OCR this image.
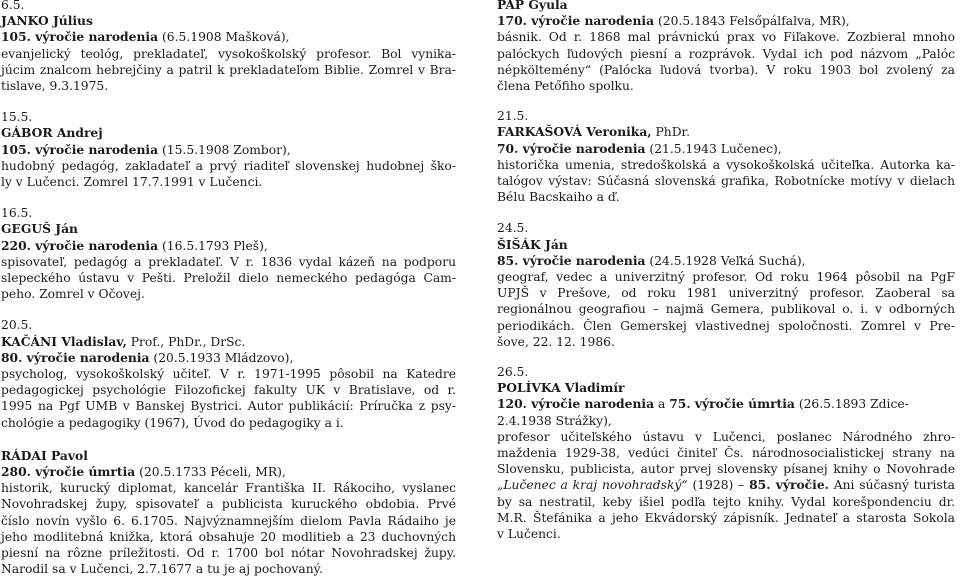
6.5.
JANKO Július
105. výročie narodenia (6.5.1908 Mašková),
evanjelický teológ, prekladateľ, vysokoškolský profesor. Bol vynika-
júcim znalcom hebrejčiny a patril k prekladateľom Biblie. Zomrel v Bra-
tislave, 9.3.1975.
15.5.
GÁBOR Andrej
105. výročie narodenia (15.5.1908 Zombor),
hudobný pedagóg, zakladateľ a prvý riaditeľ slovenskej hudobnej ško-
ly v Lučenci. Zomrel 17.7.1991 v Lučenci.
16.5.
GEGUŠ Ján
220. výročie narodenia (16.5.1793 Pleš),
spisovateľ, pedagóg a prekladateľ. V r. 1836 vydal kázeň na podporu
slepeckého ústavu v Pešti. Preložil dielo nemeckého pedagóga Cam-
peho. Zomrel v Očovej.
20.5.
KAČÁNI Vladislav, Prof., PhDr., DrSc.
80. výročie narodenia (20.5.1933 Mládzovo),
psycholog, vysokoškolský učiteľ. V r. 1971-1995 pôsobil na Katedre
pedagogickej psychológie Filozofickej fakulty UK v Bratislave, od r.
1995 na Pgf UMB v Banskej Bystrici. Autor publikácií: Príručka z psy-
chológie a pedagogiky (1967), Úvod do pedagogiky a i.
RÁDAI Pavol
280. výročie úmrtia (20.5.1733 Péceli, MR),
historik, kurucký diplomat, kancelár Františka II. Rákociho, vyslanec
Novohradskej župy, spisovateľ a publicista kuruckého obdobia. Prvé
číslo novín vyšlo 6. 6.1705. Najvýznamnejším dielom Pavla Rádaiho je
jeho modlitebná knižka, ktorá obsahuje 20 modlitieb a 23 duchovných
piesní na rôzne príležitosti. Od r. 1700 bol nótar Novohradskej župy.
Narodil sa v Lučenci, 2.7.1677 a tu je aj pochovaný.
PAP Gyula
170. výročie narodenia (20.5.1843 Felsőpálfalva, MR),
básnik. Od r. 1868 mal právnickú prax vo Fiľakove. Zozbieral mnoho
palóckych ľudových piesní a rozprávok. Vydal ich pod názvom „Palóc
népköltemény“ (Palócka ľudová tvorba). V roku 1903 bol zvolený za
člena Petőfiho spolku.
21.5.
FARKAŠOVÁ Veronika, PhDr.
70. výročie narodenia (21.5.1943 Lučenec),
historička umenia, stredoškolská a vysokoškolská učiteľka. Autorka ka-
talógov výstav: Súčasná slovenská grafika, Robotnícke motívy v dielach
Bélu Bacskaiho a ď.
24.5.
ŠIŠÁK Ján
85. výročie narodenia (24.5.1928 Veľká Suchá),
geograf, vedec a univerzitný profesor. Od roku 1964 pôsobil na PgF
UPJŠ v Prešove, od roku 1981 univerzitný profesor. Zaoberal sa
regionálnou geografiou – najmä Gemera, publikoval o. i. v odborných
periodikách. Člen Gemerskej vlastivednej spoločnosti. Zomrel v Pre-
šove, 22. 12. 1986.
26.5.
POLÍVKA Vladimír
120. výročie narodenia a 75. výročie úmrtia (26.5.1893 Zdice-
2.4.1938 Strážky),
profesor učiteľského ústavu v Lučenci, poslanec Národného zhro-
maždenia 1929-38, vedúci činiteľ Čs. národnosocialistickej strany na
Slovensku, publicista, autor prvej slovensky písanej knihy o Novohrade
„Lučenec a kraj novohradský“ (1928) – 85. výročie. Ani súčasný turista
by sa nestratil, keby išiel podľa tejto knihy. Vydal korešpondenciu dr.
M.R. Štefánika a jeho Ekvádorský zápisník. Jednateľ a starosta Sokola
v Lučenci.
